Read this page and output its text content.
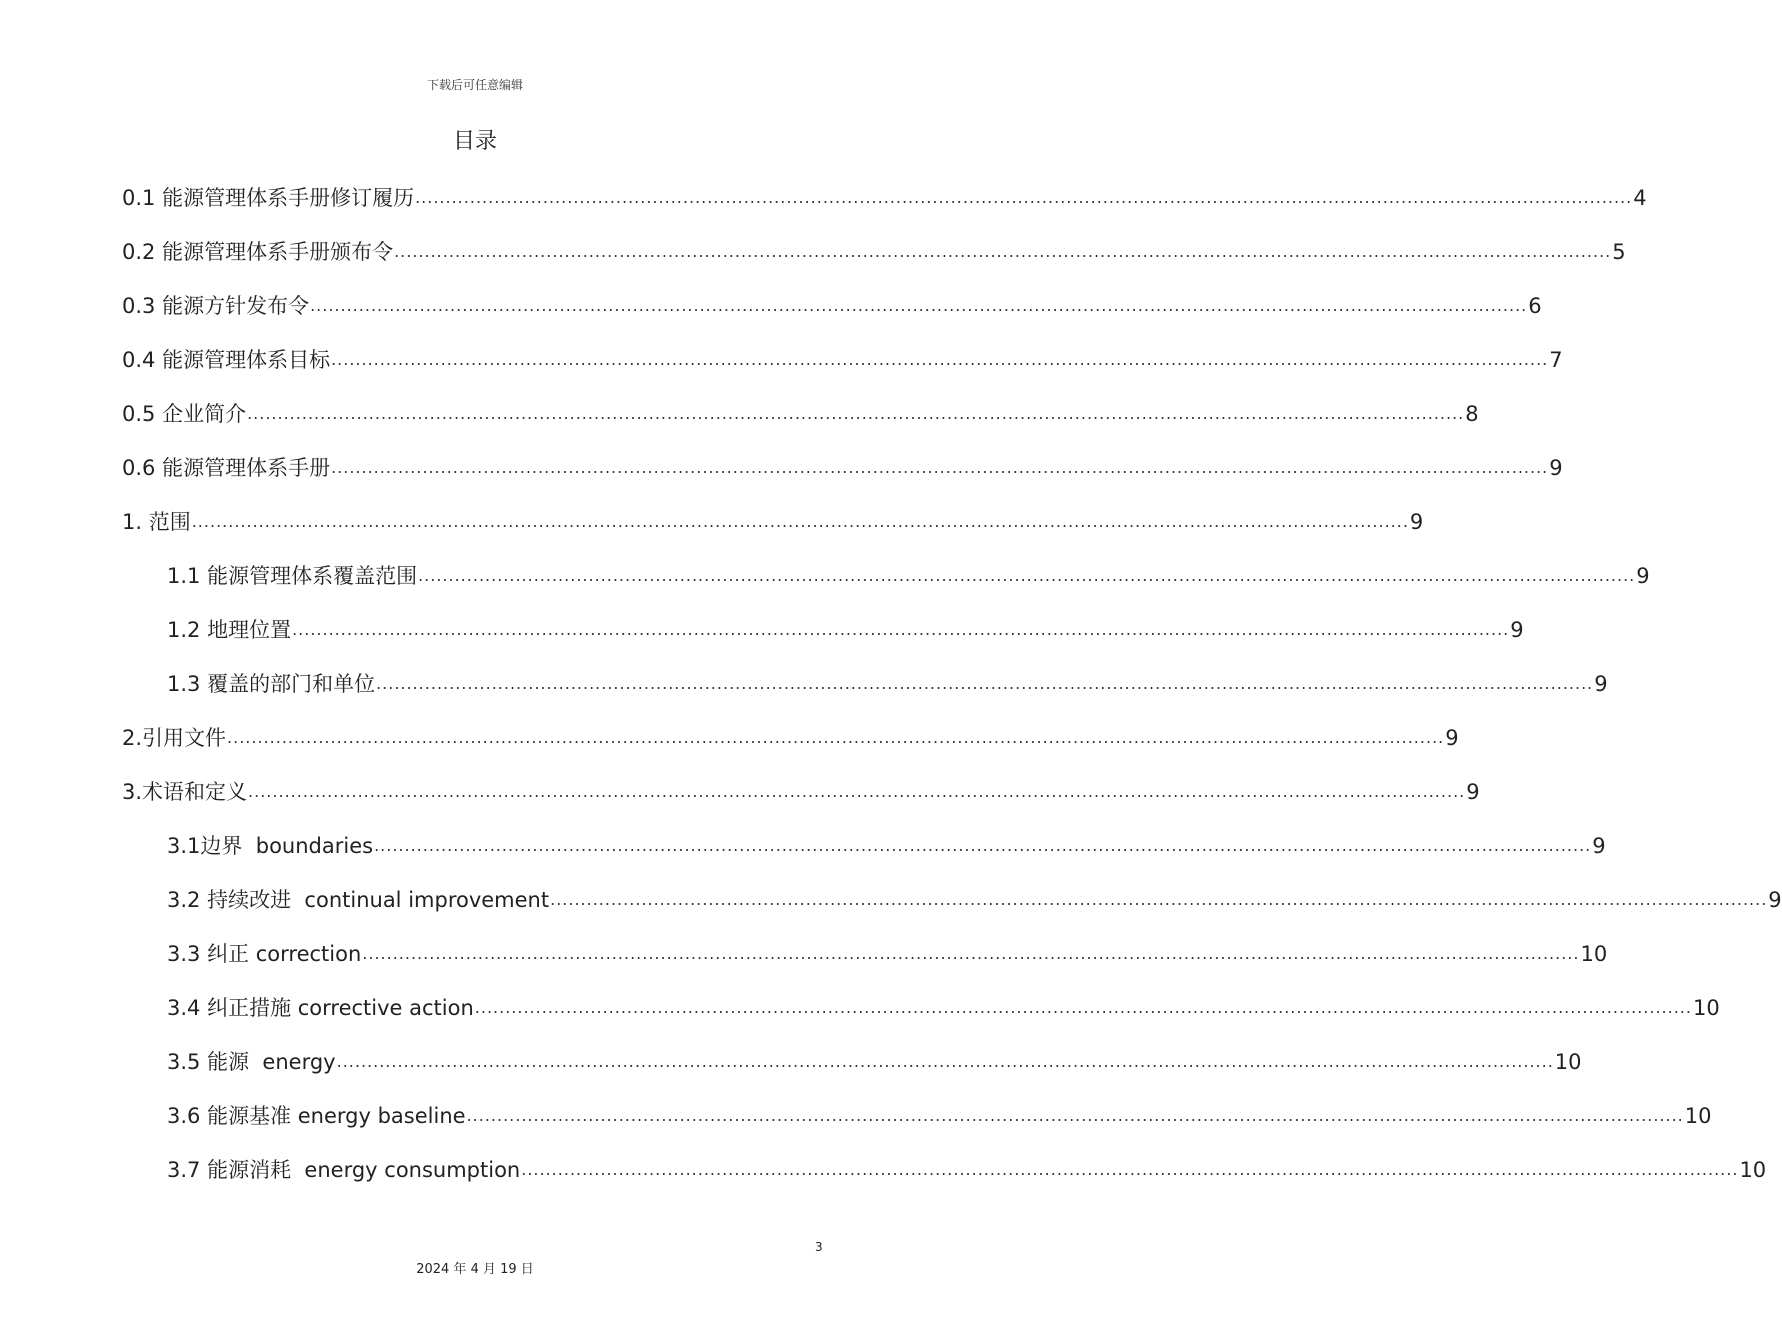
下载后可任意编辑
目录
0.1 能源管理体系手册修订履历 ........................................................................................................................................................................................................ 4
0.2 能源管理体系手册颁布令 ........................................................................................................................................................................................................ 5
0.3 能源方针发布令 ........................................................................................................................................................................................................ 6
0.4 能源管理体系目标 ........................................................................................................................................................................................................ 7
0.5 企业简介 ........................................................................................................................................................................................................ 8
0.6 能源管理体系手册 ........................................................................................................................................................................................................ 9
1. 范围 ........................................................................................................................................................................................................ 9
1.1 能源管理体系覆盖范围 ........................................................................................................................................................................................................ 9
1.2 地理位置 ........................................................................................................................................................................................................ 9
1.3 覆盖的部门和单位 ........................................................................................................................................................................................................ 9
2.引用文件 ........................................................................................................................................................................................................ 9
3.术语和定义 ........................................................................................................................................................................................................ 9
3.1边界  boundaries ........................................................................................................................................................................................................ 9
3.2 持续改进  continual improvement ........................................................................................................................................................................................................ 9
3.3 纠正 correction ........................................................................................................................................................................................................ 10
3.4 纠正措施 corrective action ........................................................................................................................................................................................................ 10
3.5 能源  energy ........................................................................................................................................................................................................ 10
3.6 能源基准 energy baseline ........................................................................................................................................................................................................ 10
3.7 能源消耗  energy consumption ........................................................................................................................................................................................................ 10
3
2024 年 4 月 19 日
